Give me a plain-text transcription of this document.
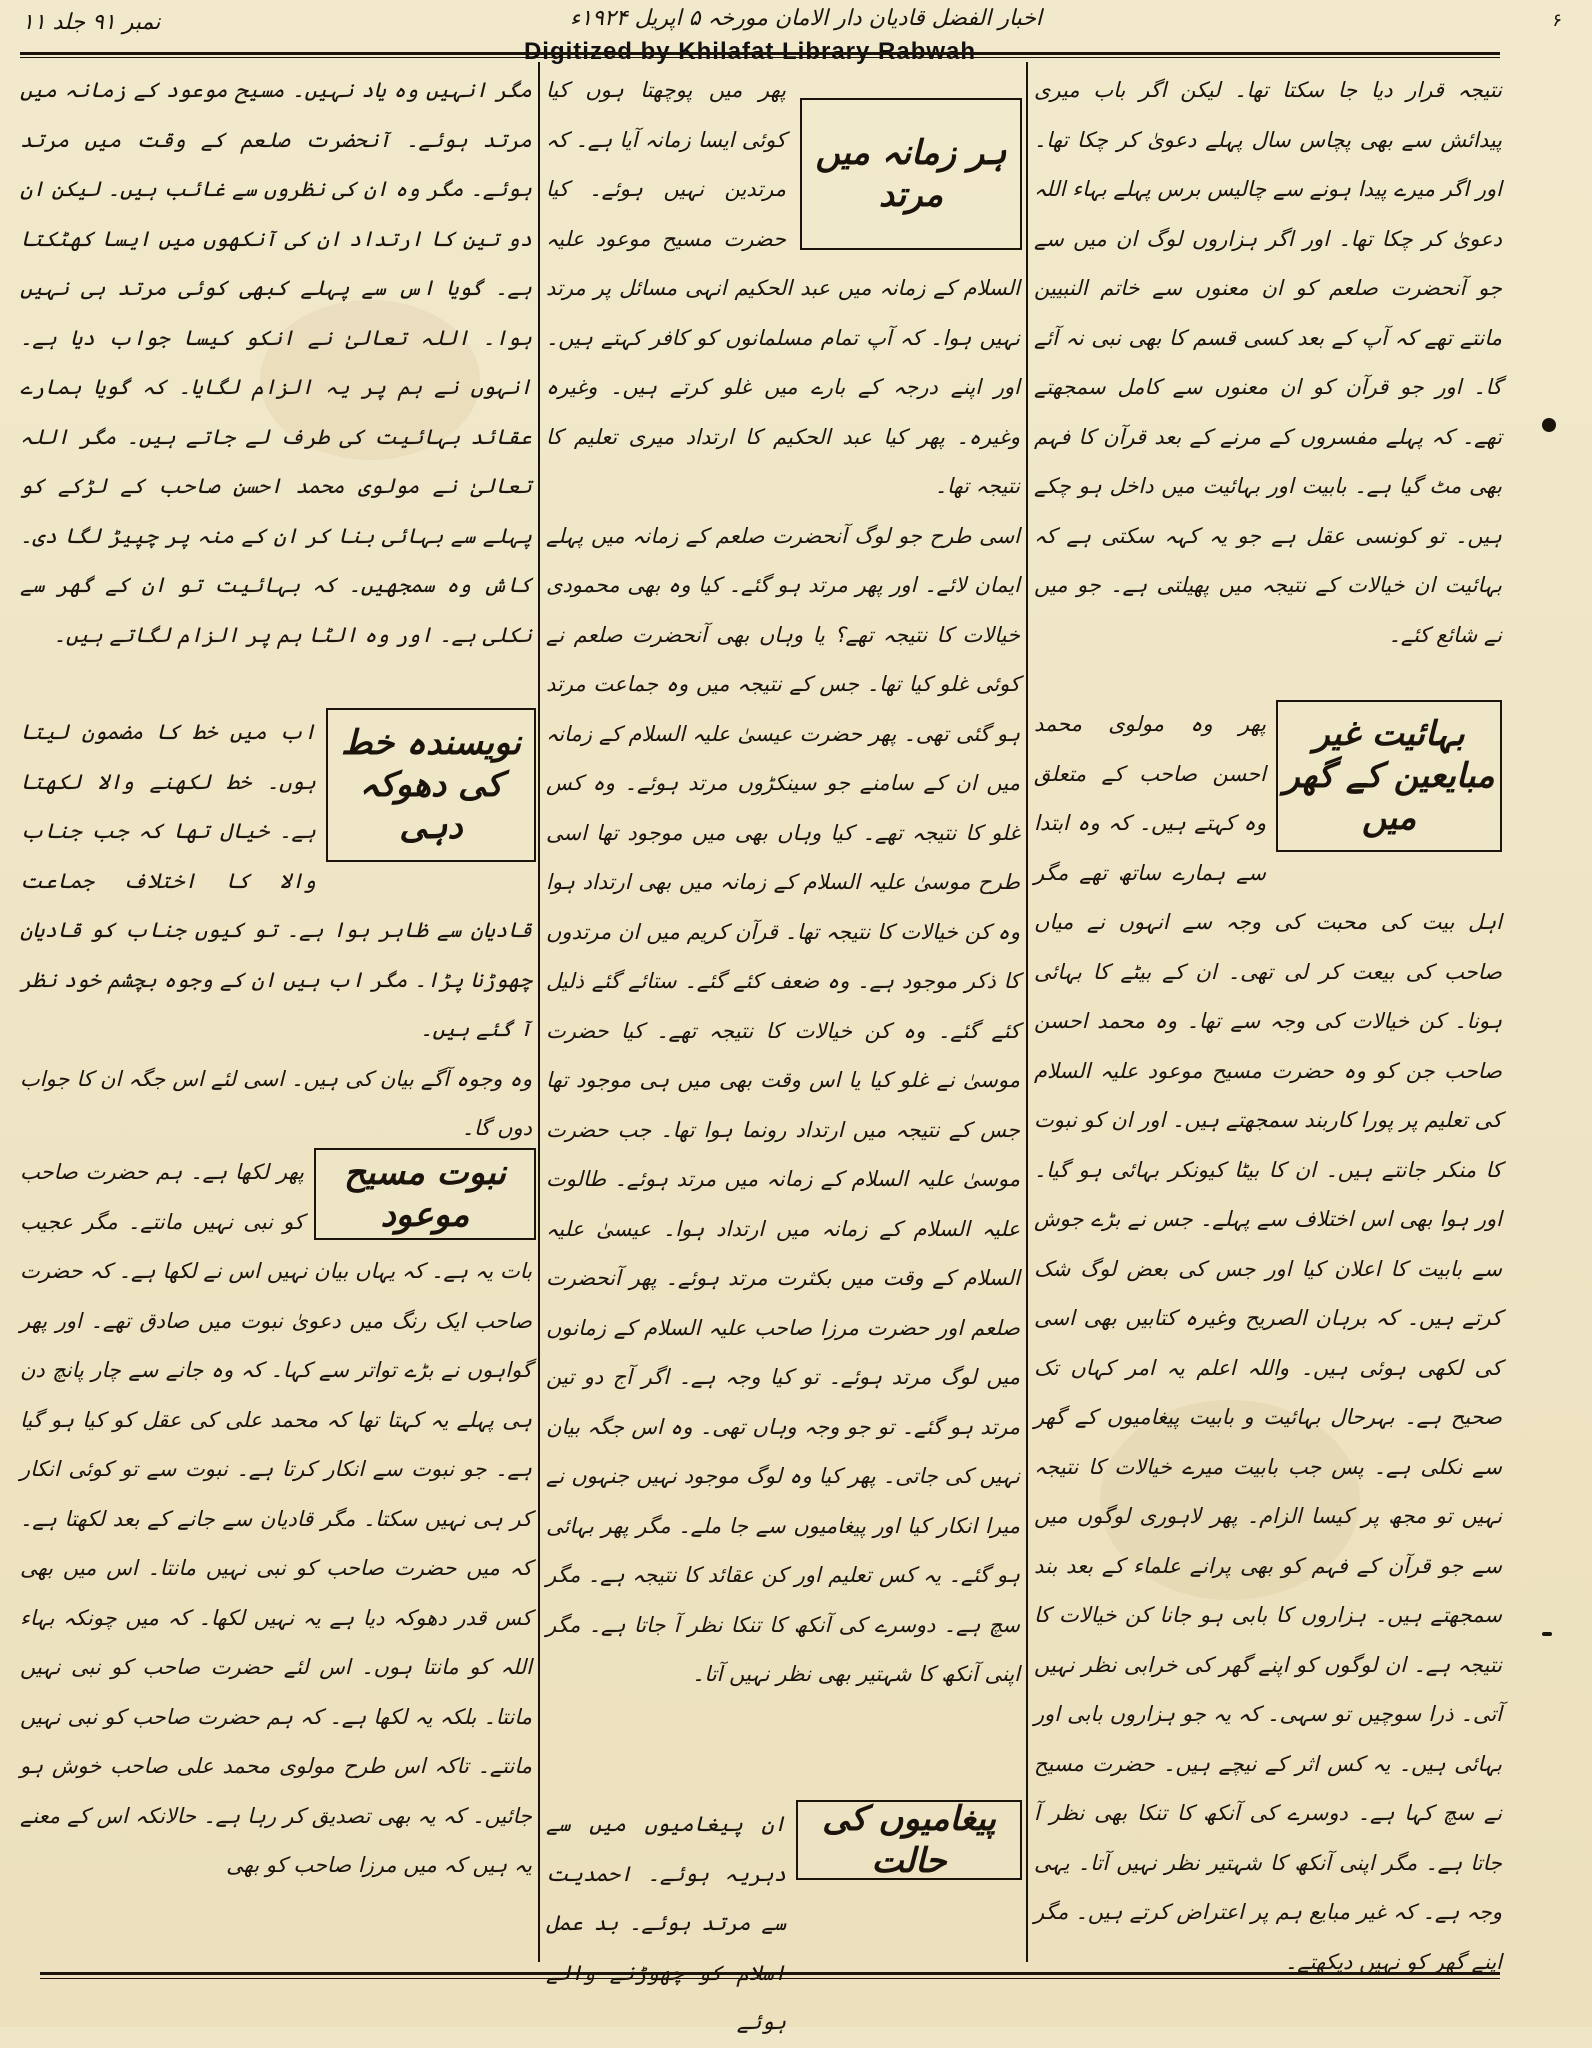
نمبر ۹۱ جلد ۱۱	اخبار الفضل قادیان دار الامان مورخہ ۵ اپریل ۱۹۲۴ء	۶

نتیجہ قرار دیا جا سکتا تھا۔ لیکن اگر باب میری پیدائش سے بھی پچاس سال پہلے دعویٰ کر چکا تھا۔ اور اگر میرے پیدا ہونے سے چالیس برس پہلے بہاء اللہ دعویٰ کر چکا تھا۔ اور اگر ہزاروں لوگ ان میں سے جو آنحضرت صلعم کو ان معنوں سے خاتم النبیین مانتے تھے کہ آپ کے بعد کسی قسم کا بھی نبی نہ آئے گا۔ اور جو قرآن کو ان معنوں سے کامل سمجھتے تھے۔ کہ پہلے مفسروں کے مرنے کے بعد قرآن کا فہم بھی مٹ گیا ہے۔ بابیت اور بہائیت میں داخل ہو چکے ہیں۔ تو کونسی عقل ہے جو یہ کہہ سکتی ہے کہ بہائیت ان خیالات کے نتیجہ میں پھیلتی ہے۔ جو میں نے شائع کئے۔

بہائیت غیر مبایعین کے گھر میں

پھر وہ مولوی محمد احسن صاحب کے متعلق وہ کہتے ہیں۔ کہ وہ ابتدا سے ہمارے ساتھ تھے مگر اہل بیت کی محبت کی وجہ سے انہوں نے میاں صاحب کی بیعت کر لی تھی۔ ان کے بیٹے کا بہائی ہونا۔ کن خیالات کی وجہ سے تھا۔ وہ محمد احسن صاحب جن کو وہ حضرت مسیح موعود علیہ السلام کی تعلیم پر پورا کاربند سمجھتے ہیں۔ اور ان کو نبوت کا منکر جانتے ہیں۔ ان کا بیٹا کیونکر بہائی ہو گیا۔ اور ہوا بھی اس اختلاف سے پہلے۔ جس نے بڑے جوش سے بابیت کا اعلان کیا اور جس کی بعض لوگ شک کرتے ہیں۔ کہ برہان الصریح وغیرہ کتابیں بھی اسی کی لکھی ہوئی ہیں۔ واللہ اعلم یہ امر کہاں تک صحیح ہے۔ بہرحال بہائیت و بابیت پیغامیوں کے گھر سے نکلی ہے۔ پس جب بابیت میرے خیالات کا نتیجہ نہیں تو مجھ پر کیسا الزام۔ پھر لاہوری لوگوں میں سے جو قرآن کے فہم کو بھی پرانے علماء کے بعد بند سمجھتے ہیں۔ ہزاروں کا بابی ہو جانا کن خیالات کا نتیجہ ہے۔ ان لوگوں کو اپنے گھر کی خرابی نظر نہیں آتی۔ ذرا سوچیں تو سہی۔ کہ یہ جو ہزاروں بابی اور بہائی ہیں۔ یہ کس اثر کے نیچے ہیں۔ حضرت مسیح نے سچ کہا ہے۔ دوسرے کی آنکھ کا تنکا بھی نظر آ جاتا ہے۔ مگر اپنی آنکھ کا شہتیر نظر نہیں آتا۔ یہی وجہ ہے۔ کہ غیر مبایع ہم پر اعتراض کرتے ہیں۔ مگر اپنے گھر کو نہیں دیکھتے۔

ہر زمانہ میں مرتد

پھر میں پوچھتا ہوں کیا کوئی ایسا زمانہ آیا ہے۔ کہ مرتدین نہیں ہوئے۔ کیا حضرت مسیح موعود علیہ السلام کے زمانہ میں عبد الحکیم انہی مسائل پر مرتد نہیں ہوا۔ کہ آپ تمام مسلمانوں کو کافر کہتے ہیں۔ اور اپنے درجہ کے بارے میں غلو کرتے ہیں۔ وغیرہ وغیرہ۔ پھر کیا عبد الحکیم کا ارتداد میری تعلیم کا نتیجہ تھا۔

اسی طرح جو لوگ آنحضرت صلعم کے زمانہ میں پہلے ایمان لائے۔ اور پھر مرتد ہو گئے۔ کیا وہ بھی محمودی خیالات کا نتیجہ تھے؟ یا وہاں بھی آنحضرت صلعم نے کوئی غلو کیا تھا۔ جس کے نتیجہ میں وہ جماعت مرتد ہو گئی تھی۔ پھر حضرت عیسیٰ علیہ السلام کے زمانہ میں ان کے سامنے جو سینکڑوں مرتد ہوئے۔ وہ کس غلو کا نتیجہ تھے۔ کیا وہاں بھی میں موجود تھا اسی طرح موسیٰ علیہ السلام کے زمانہ میں بھی ارتداد ہوا وہ کن خیالات کا نتیجہ تھا۔ قرآن کریم میں ان مرتدوں کا ذکر موجود ہے۔ وہ ضعف کئے گئے۔ ستائے گئے ذلیل کئے گئے۔ وہ کن خیالات کا نتیجہ تھے۔ کیا حضرت موسیٰ نے غلو کیا یا اس وقت بھی میں ہی موجود تھا جس کے نتیجہ میں ارتداد رونما ہوا تھا۔ جب حضرت موسیٰ علیہ السلام کے زمانہ میں مرتد ہوئے۔ طالوت علیہ السلام کے زمانہ میں ارتداد ہوا۔ عیسیٰ علیہ السلام کے وقت میں بکثرت مرتد ہوئے۔ پھر آنحضرت صلعم اور حضرت مرزا صاحب علیہ السلام کے زمانوں میں لوگ مرتد ہوئے۔ تو کیا وجہ ہے۔ اگر آج دو تین مرتد ہو گئے۔ تو جو وجہ وہاں تھی۔ وہ اس جگہ بیان نہیں کی جاتی۔ پھر کیا وہ لوگ موجود نہیں جنہوں نے میرا انکار کیا اور پیغامیوں سے جا ملے۔ مگر پھر بہائی ہو گئے۔ یہ کس تعلیم اور کن عقائد کا نتیجہ ہے۔ مگر سچ ہے۔ دوسرے کی آنکھ کا تنکا نظر آ جاتا ہے۔ مگر اپنی آنکھ کا شہتیر بھی نظر نہیں آتا۔

پیغامیوں کی حالت

ان پیغامیوں میں سے دہریہ ہوئے۔ احمدیت سے مرتد ہوئے۔ بد عمل اسلام کو چھوڑنے والے ہوئے

مگر انہیں وہ یاد نہیں۔ مسیح موعود کے زمانہ میں مرتد ہوئے۔ آنحضرت صلعم کے وقت میں مرتد ہوئے۔ مگر وہ ان کی نظروں سے غائب ہیں۔ لیکن ان دو تین کا ارتداد ان کی آنکھوں میں ایسا کھٹکتا ہے۔ گویا اس سے پہلے کبھی کوئی مرتد ہی نہیں ہوا۔ اللہ تعالیٰ نے انکو کیسا جواب دیا ہے۔ انہوں نے ہم پر یہ الزام لگایا۔ کہ گویا ہمارے عقائد بہائیت کی طرف لے جاتے ہیں۔ مگر اللہ تعالیٰ نے مولوی محمد احسن صاحب کے لڑکے کو پہلے سے بہائی بنا کر ان کے منہ پر چپیڑ لگا دی۔ کاش وہ سمجھیں۔ کہ بہائیت تو ان کے گھر سے نکلی ہے۔ اور وہ الٹا ہم پر الزام لگاتے ہیں۔

نویسندہ خط کی دھوکہ دہی

اب میں خط کا مضمون لیتا ہوں۔ خط لکھنے والا لکھتا ہے۔ خیال تھا کہ جب جناب والا کا اختلاف جماعت قادیان سے ظاہر ہوا ہے۔ تو کیوں جناب کو قادیان چھوڑنا پڑا۔ مگر اب ہیں ان کے وجوہ بچشم خود نظر آ گئے ہیں۔

وہ وجوہ آگے بیان کی ہیں۔ اسی لئے اس جگہ ان کا جواب دوں گا۔

نبوت مسیح موعود

پھر لکھا ہے۔ ہم حضرت صاحب کو نبی نہیں مانتے۔ مگر عجیب بات یہ ہے۔ کہ یہاں بیان نہیں اس نے لکھا ہے۔ کہ حضرت صاحب ایک رنگ میں دعویٰ نبوت میں صادق تھے۔ اور پھر گواہوں نے بڑے تواتر سے کہا۔ کہ وہ جانے سے چار پانچ دن ہی پہلے یہ کہتا تھا کہ محمد علی کی عقل کو کیا ہو گیا ہے۔ جو نبوت سے انکار کرتا ہے۔ نبوت سے تو کوئی انکار کر ہی نہیں سکتا۔ مگر قادیان سے جانے کے بعد لکھتا ہے۔ کہ میں حضرت صاحب کو نبی نہیں مانتا۔ اس میں بھی کس قدر دھوکہ دیا ہے یہ نہیں لکھا۔ کہ میں چونکہ بہاء اللہ کو مانتا ہوں۔ اس لئے حضرت صاحب کو نبی نہیں مانتا۔ بلکہ یہ لکھا ہے۔ کہ ہم حضرت صاحب کو نبی نہیں مانتے۔ تاکہ اس طرح مولوی محمد علی صاحب خوش ہو جائیں۔ کہ یہ بھی تصدیق کر رہا ہے۔ حالانکہ اس کے معنے یہ ہیں کہ میں مرزا صاحب کو بھی
